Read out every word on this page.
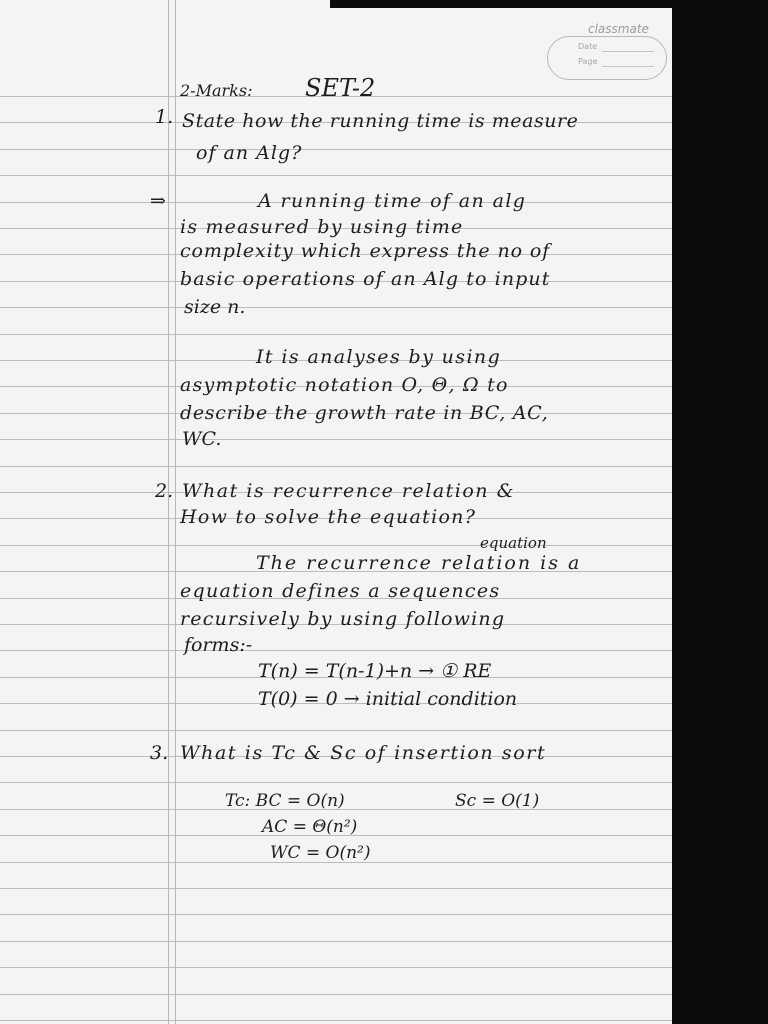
classmate
Date
Page
2-Marks: SET-2
1. State how the running time is measure
of an Alg?
⇒	A running time of an alg
is measured by using time
complexity which express the no of
basic operations of an Alg to input
size n.
It is analyses by using
asymptotic notation O, Θ, Ω to
describe the growth rate in BC, AC,
WC.
2. What is recurrence relation &
How to solve the equation?
equation
The recurrence relation is a
equation defines a sequences
recursively by using following
forms:-
T(n) = T(n-1)+n → ① RE
T(0) = 0 → initial condition
3. What is Tc & Sc of insertion sort
Tc: BC = O(n)	Sc = O(1)
AC = Θ(n²)
WC = O(n²)
